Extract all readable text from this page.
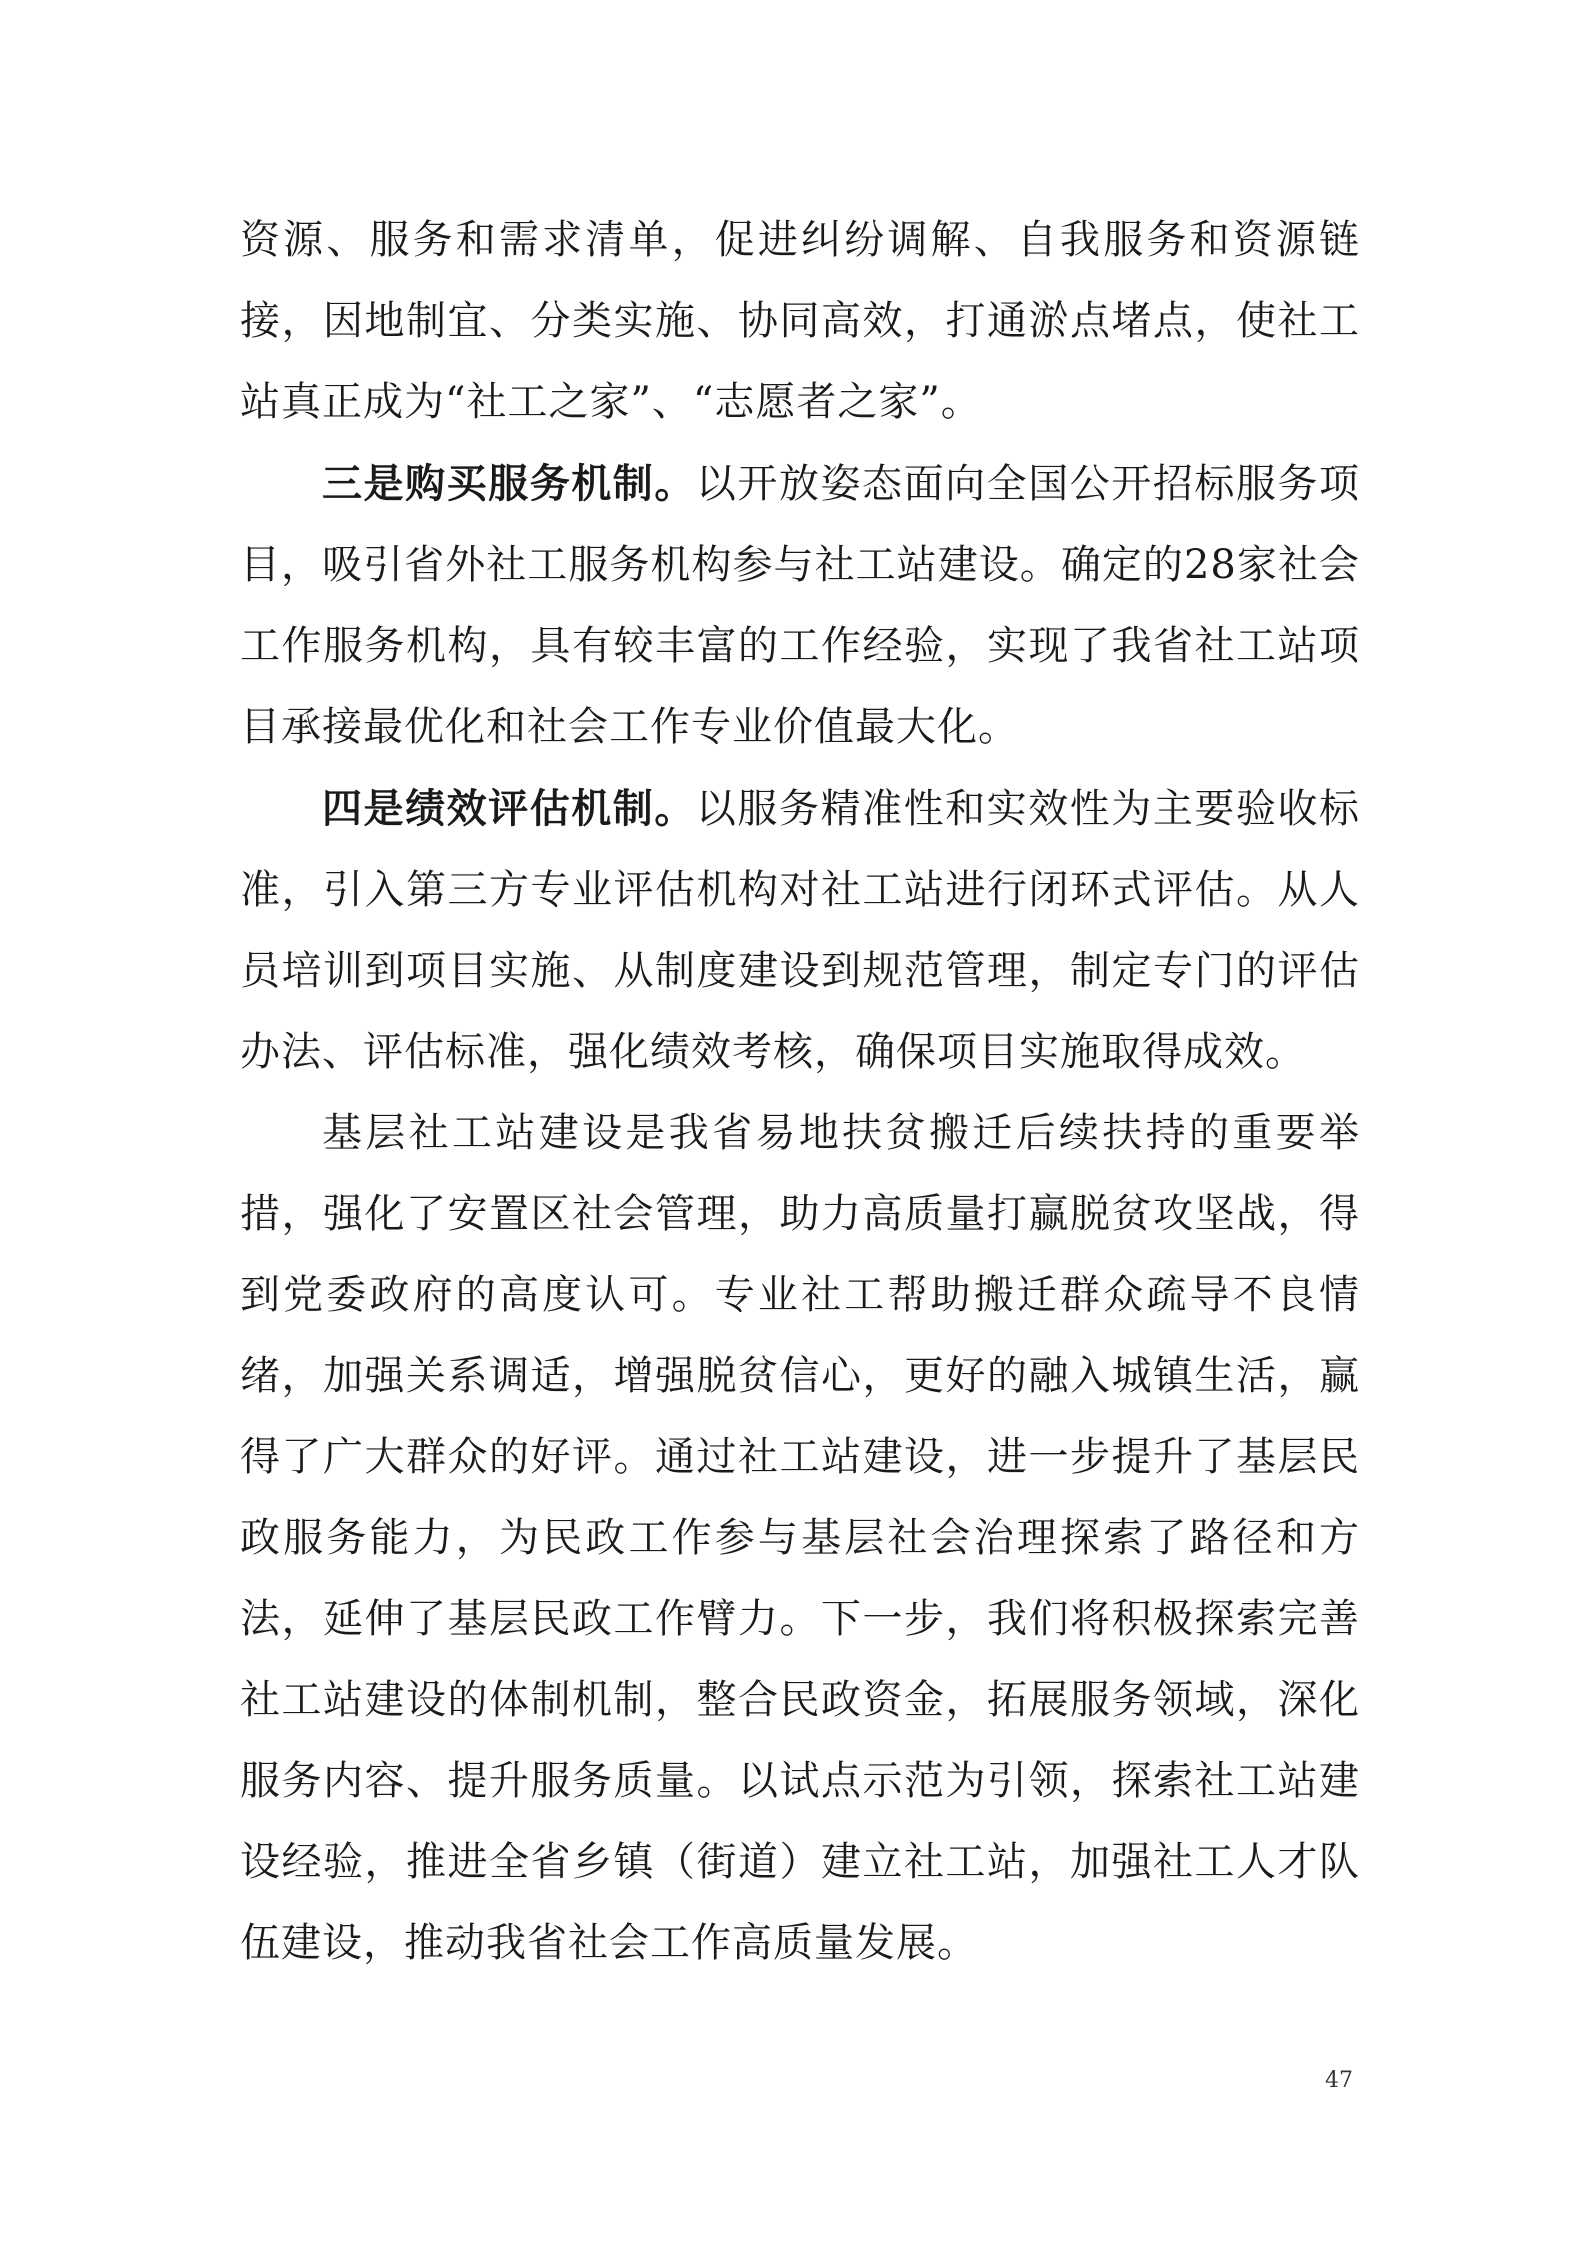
资源、服务和需求清单，促进纠纷调解、自我服务和资源链接，因地制宜、分类实施、协同高效，打通淤点堵点，使社工站真正成为“社工之家”、“志愿者之家”。

三是购买服务机制。以开放姿态面向全国公开招标服务项目，吸引省外社工服务机构参与社工站建设。确定的28家社会工作服务机构，具有较丰富的工作经验，实现了我省社工站项目承接最优化和社会工作专业价值最大化。

四是绩效评估机制。以服务精准性和实效性为主要验收标准，引入第三方专业评估机构对社工站进行闭环式评估。从人员培训到项目实施、从制度建设到规范管理，制定专门的评估办法、评估标准，强化绩效考核，确保项目实施取得成效。

基层社工站建设是我省易地扶贫搬迁后续扶持的重要举措，强化了安置区社会管理，助力高质量打赢脱贫攻坚战，得到党委政府的高度认可。专业社工帮助搬迁群众疏导不良情绪，加强关系调适，增强脱贫信心，更好的融入城镇生活，赢得了广大群众的好评。通过社工站建设，进一步提升了基层民政服务能力，为民政工作参与基层社会治理探索了路径和方法，延伸了基层民政工作臂力。下一步，我们将积极探索完善社工站建设的体制机制，整合民政资金，拓展服务领域，深化服务内容、提升服务质量。以试点示范为引领，探索社工站建设经验，推进全省乡镇（街道）建立社工站，加强社工人才队伍建设，推动我省社会工作高质量发展。

47
